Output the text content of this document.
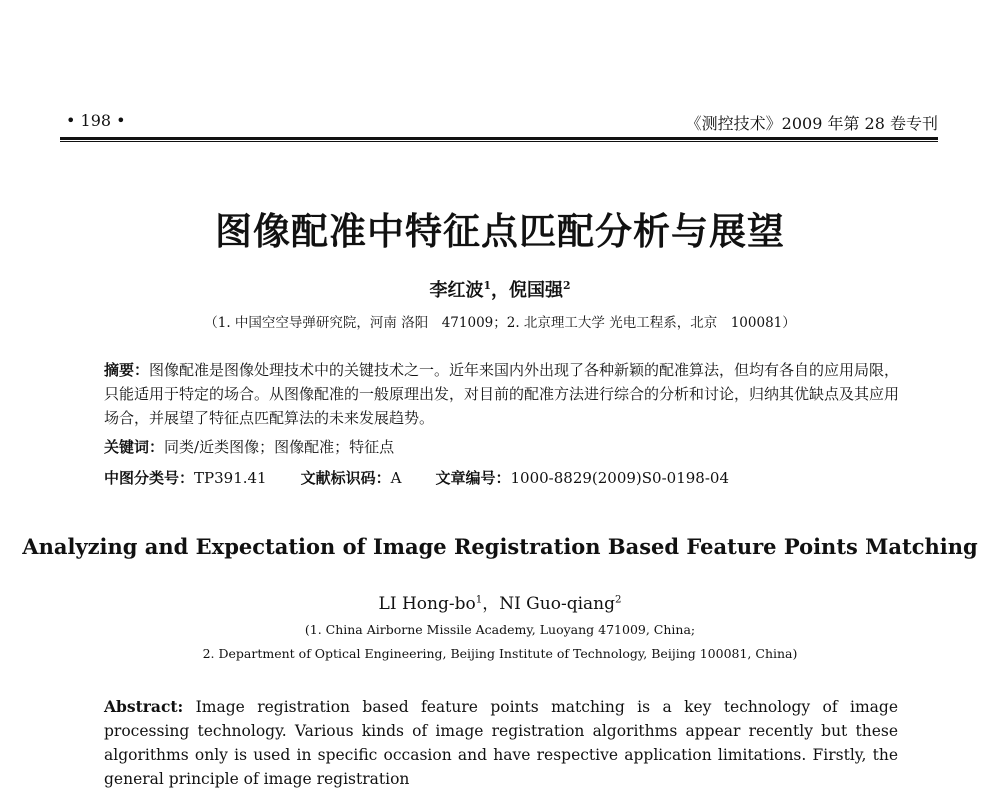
• 198 •	《测控技术》2009 年第 28 卷专刊
图像配准中特征点匹配分析与展望
李红波$^1$，倪国强$^2$
（1. 中国空空导弹研究院，河南 洛阳　471009；2. 北京理工大学 光电工程系，北京　100081）
摘要：图像配准是图像处理技术中的关键技术之一。近年来国内外出现了各种新颖的配准算法，但均有各自的应用局限，只能适用于特定的场合。从图像配准的一般原理出发，对目前的配准方法进行综合的分析和讨论，归纳其优缺点及其应用场合，并展望了特征点匹配算法的未来发展趋势。
关键词：同类/近类图像；图像配准；特征点
中图分类号：TP391.41 文献标识码：A 文章编号：1000-8829(2009)S0-0198-04
Analyzing and Expectation of Image Registration Based Feature Points Matching
LI Hong-$bo^1$，NI Guo-qiang$^2$
(1. China Airborne Missile Academy, Luoyang 471009, China;
2. Department of Optical Engineering, Beijing Institute of Technology, Beijing 100081, China)
Abstract: Image registration based feature points matching is a key technology of image processing technology. Various kinds of image registration algorithms appear recently but these algorithms only is used in specific occasion and have respective application limitations. Firstly, the general principle of image registration
